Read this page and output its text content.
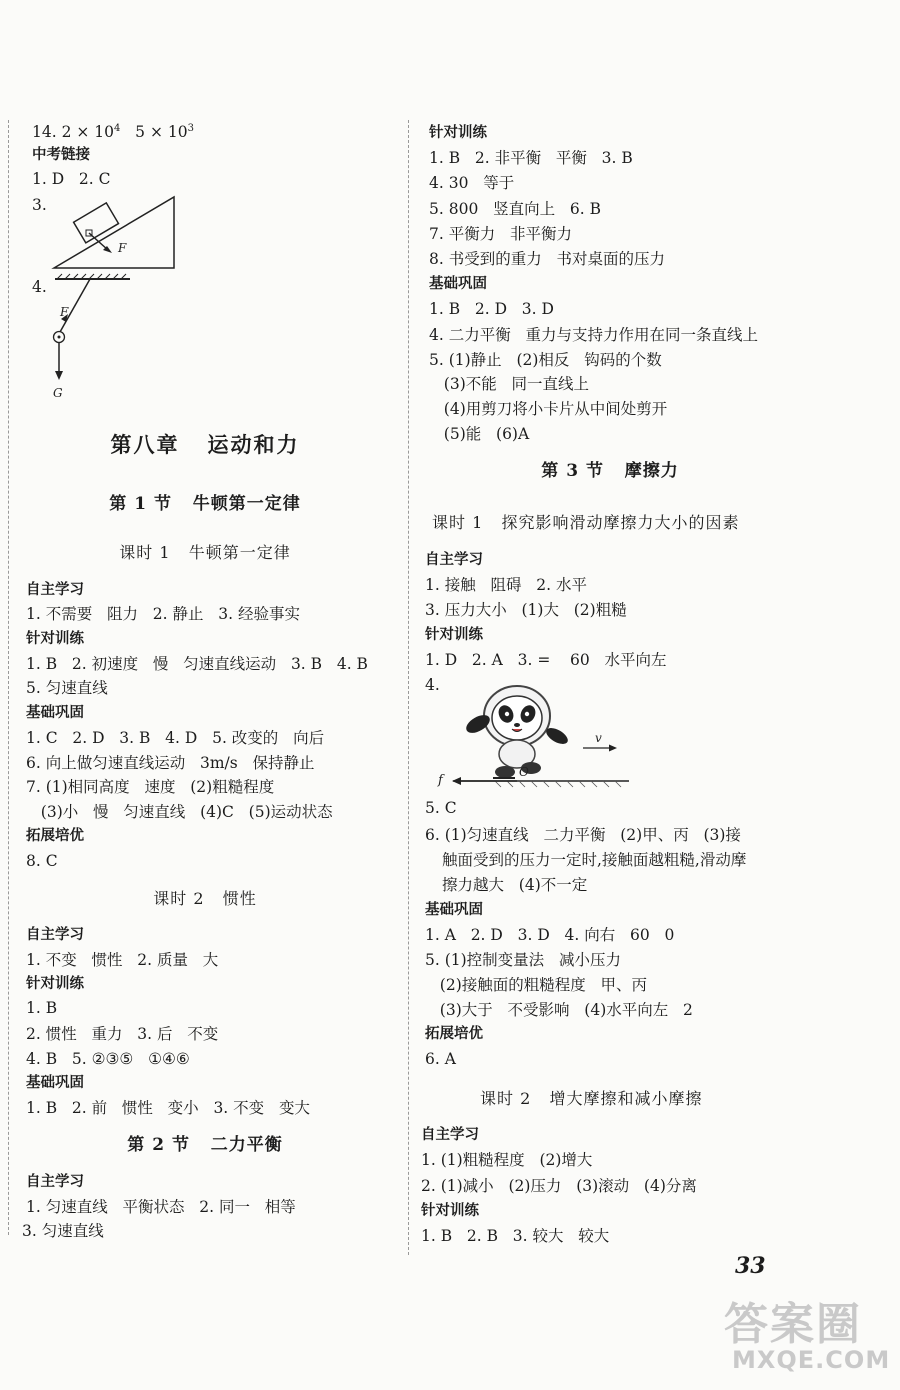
14. $2 \times 10^4$   $5 \times 10^3$
中考链接
1. D   2. C
3.
F
4.
F
G
第八章   运动和力
第 1 节   牛顿第一定律
课时 1   牛顿第一定律
自主学习
1. 不需要   阻力   2. 静止   3. 经验事实
针对训练
1. B   2. 初速度   慢   匀速直线运动   3. B   4. B
5. 匀速直线
基础巩固
1. C   2. D   3. B   4. D   5. 改变的   向后
6. 向上做匀速直线运动   3m/s   保持静止
7. (1)相同高度   速度   (2)粗糙程度
(3)小   慢   匀速直线   (4)C   (5)运动状态
拓展培优
8. C
课时 2   惯性
自主学习
1. 不变   惯性   2. 质量   大
针对训练
1. B
2. 惯性   重力   3. 后   不变
4. B   5. ②③⑤   ①④⑥
基础巩固
1. B   2. 前   惯性   变小   3. 不变   变大
第 2 节   二力平衡
自主学习
1. 匀速直线   平衡状态   2. 同一   相等
3. 匀速直线
针对训练
1. B   2. 非平衡   平衡   3. B
4. 30   等于
5. 800   竖直向上   6. B
7. 平衡力   非平衡力
8. 书受到的重力   书对桌面的压力
基础巩固
1. B   2. D   3. D
4. 二力平衡   重力与支持力作用在同一条直线上
5. (1)静止   (2)相反   钩码的个数
(3)不能   同一直线上
(4)用剪刀将小卡片从中间处剪开
(5)能   (6)A
第 3 节   摩擦力
课时 1   探究影响滑动摩擦力大小的因素
自主学习
1. 接触   阻碍   2. 水平
3. 压力大小   (1)大   (2)粗糙
针对训练
1. D   2. A   3. =    60   水平向左
4.
v
f
O
5. C
6. (1)匀速直线   二力平衡   (2)甲、丙   (3)接
触面受到的压力一定时,接触面越粗糙,滑动摩
擦力越大   (4)不一定
基础巩固
1. A   2. D   3. D   4. 向右   60   0
5. (1)控制变量法   减小压力
(2)接触面的粗糙程度   甲、丙
(3)大于   不受影响   (4)水平向左   2
拓展培优
6. A
课时 2   增大摩擦和减小摩擦
自主学习
1. (1)粗糙程度   (2)增大
2. (1)减小   (2)压力   (3)滚动   (4)分离
针对训练
1. B   2. B   3. 较大   较大
33
答案圈
MXQE.COM
